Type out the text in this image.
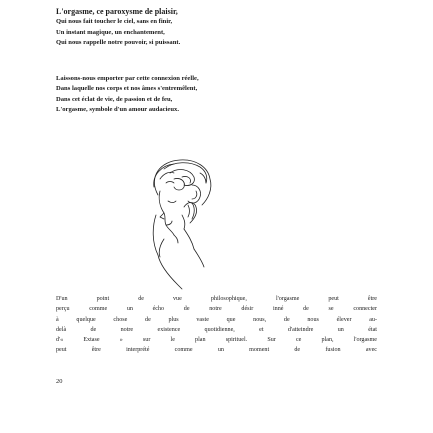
L'orgasme, ce paroxysme de plaisir,
Qui nous fait toucher le ciel, sans en finir,
Un instant magique, un enchantement,
Qui nous rappelle notre pouvoir, si puissant.
Laissons-nous emporter par cette connexion réelle,
Dans laquelle nos corps et nos âmes s'entremêlent,
Dans cet éclat de vie, de passion et de feu,
L'orgasme, symbole d'un amour audacieux.
D'un point de vue philosophique, l'orgasme peut être
perçu comme un écho de notre désir inné de se connecter
à quelque chose de plus vaste que nous, de nous élever au-
delà de notre existence quotidienne, et d'atteindre un état
d'« Extase » sur le plan spirituel. Sur ce plan, l'orgasme
peut être interprété comme un moment de fusion avec

20
